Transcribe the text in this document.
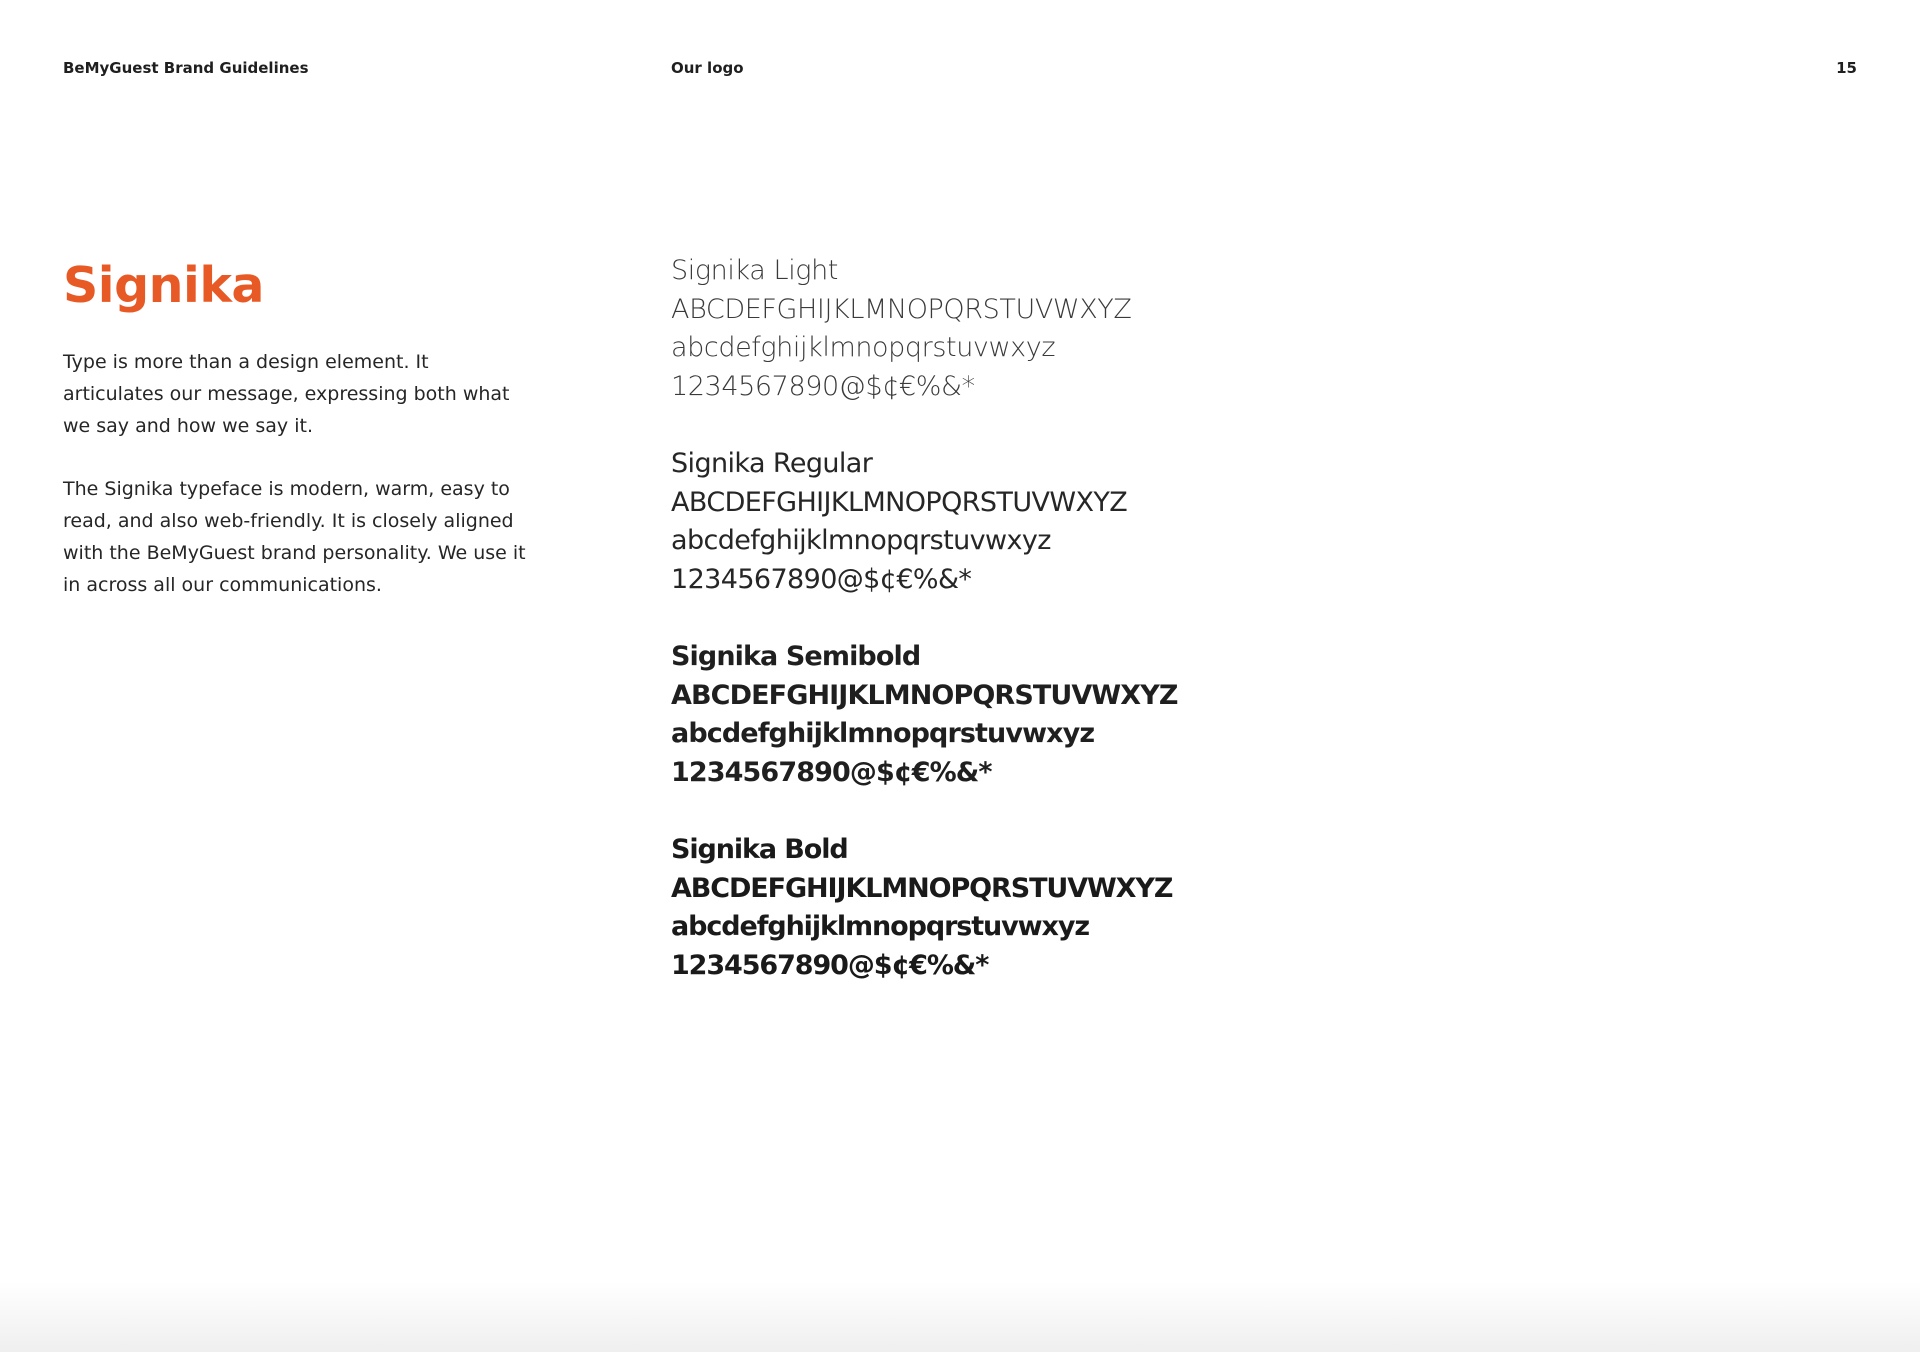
BeMyGuest Brand Guidelines	Our logo	15
Signika

Type is more than a design element. It articulates our message, expressing both what we say and how we say it.

The Signika typeface is modern, warm, easy to read, and also web-friendly. It is closely aligned with the BeMyGuest brand personality. We use it in across all our communications.

Signika Light
ABCDEFGHIJKLMNOPQRSTUVWXYZ
abcdefghijklmnopqrstuvwxyz
1234567890@$¢€%&*
Signika Regular
ABCDEFGHIJKLMNOPQRSTUVWXYZ
abcdefghijklmnopqrstuvwxyz
1234567890@$¢€%&*
Signika Semibold
ABCDEFGHIJKLMNOPQRSTUVWXYZ
abcdefghijklmnopqrstuvwxyz
1234567890@$¢€%&*
Signika Bold
ABCDEFGHIJKLMNOPQRSTUVWXYZ
abcdefghijklmnopqrstuvwxyz
1234567890@$¢€%&*
